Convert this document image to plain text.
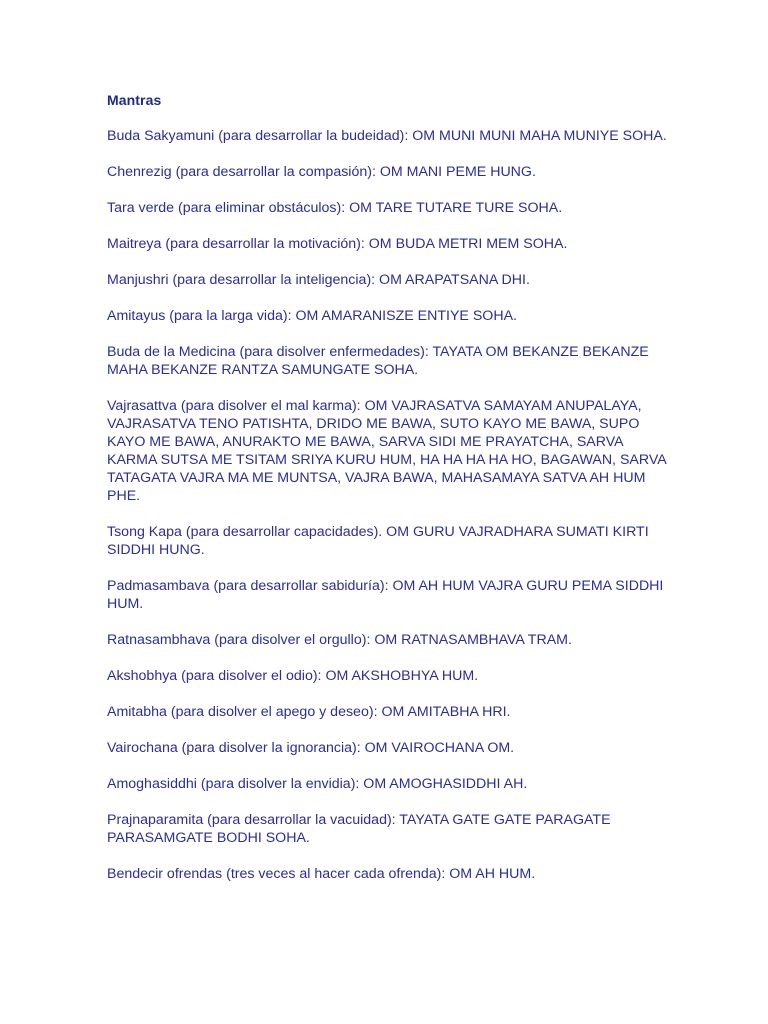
Mantras

Buda Sakyamuni (para desarrollar la budeidad): OM MUNI MUNI MAHA MUNIYE SOHA.

Chenrezig (para desarrollar la compasión): OM MANI PEME HUNG.

Tara verde (para eliminar obstáculos): OM TARE TUTARE TURE SOHA.

Maitreya (para desarrollar la motivación): OM BUDA METRI MEM SOHA.

Manjushri (para desarrollar la inteligencia): OM ARAPATSANA DHI.

Amitayus (para la larga vida): OM AMARANISZE ENTIYE SOHA.

Buda de la Medicina (para disolver enfermedades): TAYATA OM BEKANZE BEKANZE MAHA BEKANZE RANTZA SAMUNGATE SOHA.

Vajrasattva (para disolver el mal karma): OM VAJRASATVA SAMAYAM ANUPALAYA, VAJRASATVA TENO PATISHTA, DRIDO ME BAWA, SUTO KAYO ME BAWA, SUPO KAYO ME BAWA, ANURAKTO ME BAWA, SARVA SIDI ME PRAYATCHA, SARVA KARMA SUTSA ME TSITAM SRIYA KURU HUM, HA HA HA HA HO, BAGAWAN, SARVA TATAGATA VAJRA MA ME MUNTSA, VAJRA BAWA, MAHASAMAYA SATVA AH HUM PHE.

Tsong Kapa (para desarrollar capacidades). OM GURU VAJRADHARA SUMATI KIRTI SIDDHI HUNG.

Padmasambava (para desarrollar sabiduría): OM AH HUM VAJRA GURU PEMA SIDDHI HUM.

Ratnasambhava (para disolver el orgullo): OM RATNASAMBHAVA TRAM.

Akshobhya (para disolver el odio): OM AKSHOBHYA HUM.

Amitabha (para disolver el apego y deseo): OM AMITABHA HRI.

Vairochana (para disolver la ignorancia): OM VAIROCHANA OM.

Amoghasiddhi (para disolver la envidia): OM AMOGHASIDDHI AH.

Prajnaparamita (para desarrollar la vacuidad): TAYATA GATE GATE PARAGATE PARASAMGATE BODHI SOHA.

Bendecir ofrendas (tres veces al hacer cada ofrenda): OM AH HUM.
